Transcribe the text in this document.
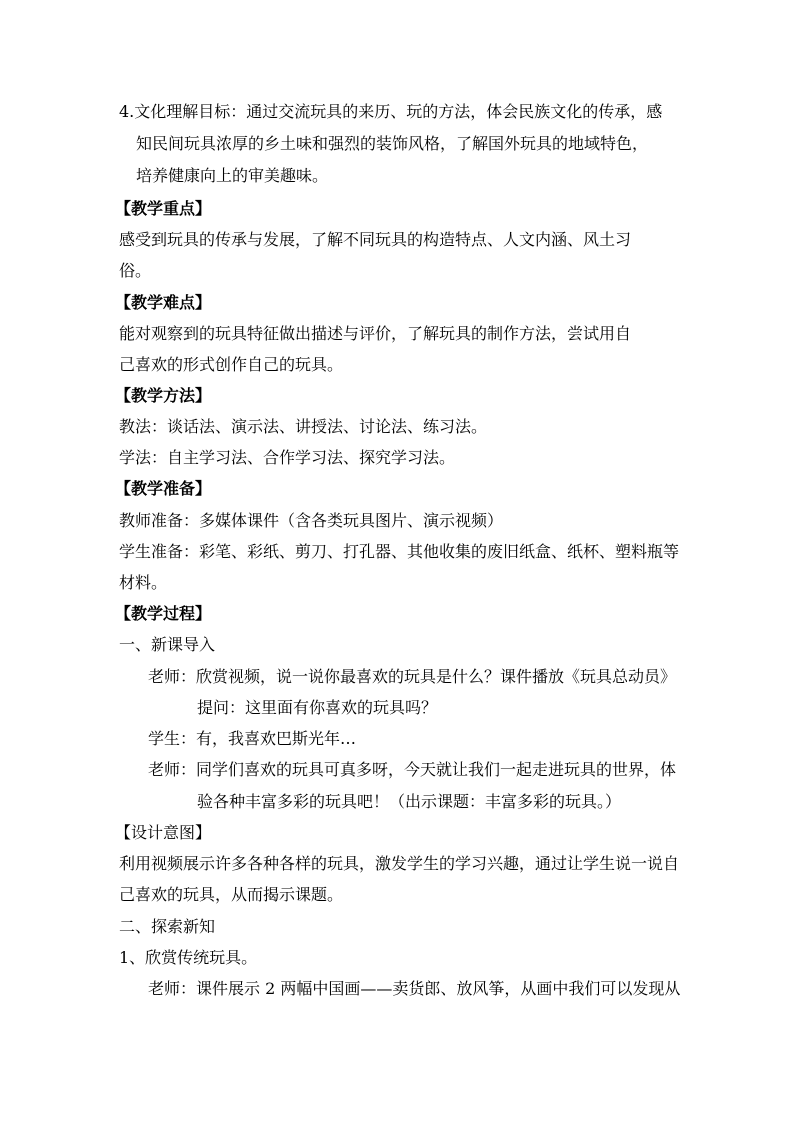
4.文化理解目标：通过交流玩具的来历、玩的方法，体会民族文化的传承，感
知民间玩具浓厚的乡土味和强烈的装饰风格，了解国外玩具的地域特色，
培养健康向上的审美趣味。
【教学重点】
感受到玩具的传承与发展，了解不同玩具的构造特点、人文内涵、风土习
俗。
【教学难点】
能对观察到的玩具特征做出描述与评价，了解玩具的制作方法，尝试用自
己喜欢的形式创作自己的玩具。
【教学方法】
教法：谈话法、演示法、讲授法、讨论法、练习法。
学法：自主学习法、合作学习法、探究学习法。
【教学准备】
教师准备：多媒体课件（含各类玩具图片、演示视频）
学生准备：彩笔、彩纸、剪刀、打孔器、其他收集的废旧纸盒、纸杯、塑料瓶等
材料。
【教学过程】
一、新课导入
老师：欣赏视频，说一说你最喜欢的玩具是什么？课件播放《玩具总动员》
提问：这里面有你喜欢的玩具吗？
学生：有，我喜欢巴斯光年…
老师：同学们喜欢的玩具可真多呀，今天就让我们一起走进玩具的世界，体
验各种丰富多彩的玩具吧！（出示课题：丰富多彩的玩具。）
【设计意图】
利用视频展示许多各种各样的玩具，激发学生的学习兴趣，通过让学生说一说自
己喜欢的玩具，从而揭示课题。
二、探索新知
1、欣赏传统玩具。
老师：课件展示 2 两幅中国画——卖货郎、放风筝，从画中我们可以发现从
